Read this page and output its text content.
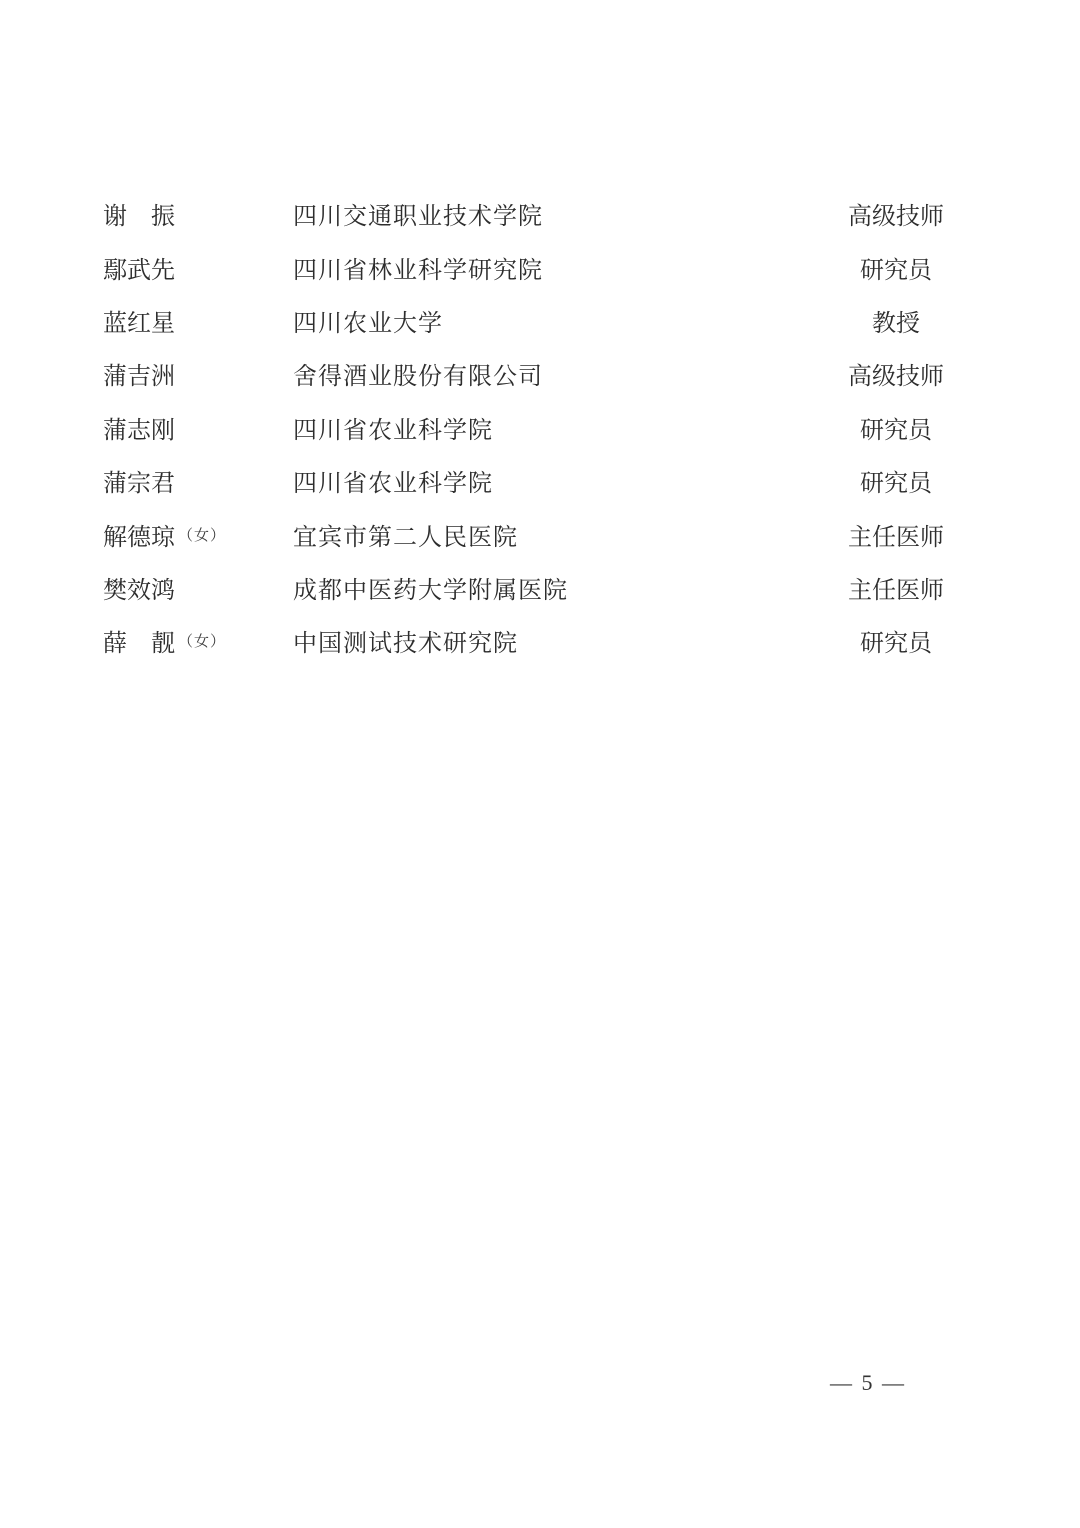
谢　振	四川交通职业技术学院	高级技师
鄢武先	四川省林业科学研究院	研究员
蓝红星	四川农业大学	教授
蒲吉洲	舍得酒业股份有限公司	高级技师
蒲志刚	四川省农业科学院	研究员
蒲宗君	四川省农业科学院	研究员
解德琼 （女）	宜宾市第二人民医院	主任医师
樊效鸿	成都中医药大学附属医院	主任医师
薛　靓 （女）	中国测试技术研究院	研究员
— 5 —
